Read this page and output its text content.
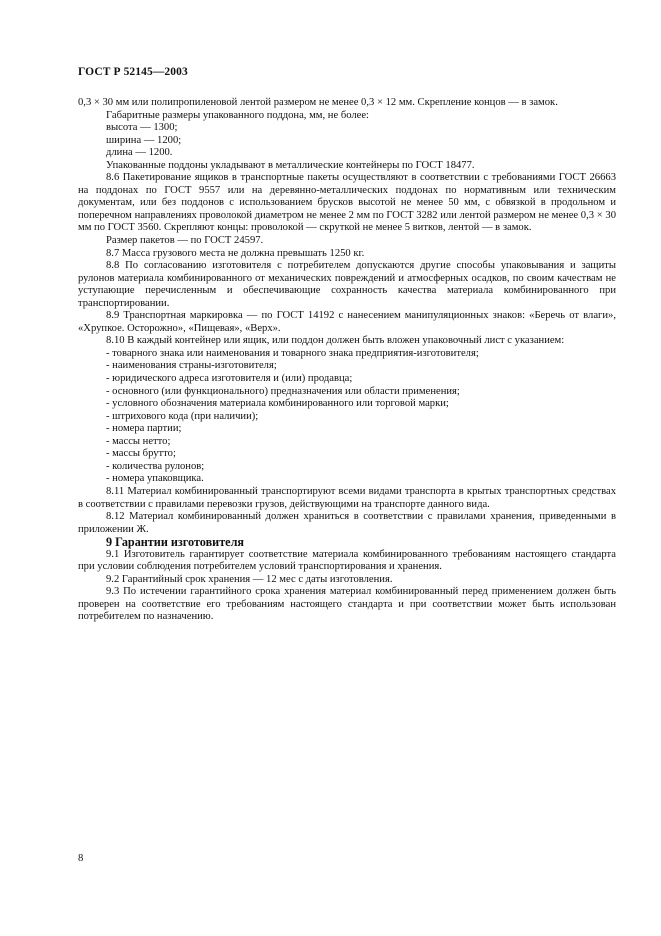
ГОСТ Р 52145—2003

0,3 × 30 мм или полипропиленовой лентой размером не менее 0,3 × 12 мм. Скрепление концов — в замок.

Габаритные размеры упакованного поддона, мм, не более:

высота — 1300;

ширина — 1200;

длина — 1200.

Упакованные поддоны укладывают в металлические контейнеры по ГОСТ 18477.

8.6 Пакетирование ящиков в транспортные пакеты осуществляют в соответствии с требованиями ГОСТ 26663 на поддонах по ГОСТ 9557 или на деревянно-металлических поддонах по нормативным или техническим документам, или без поддонов с использованием брусков высотой не менее 50 мм, с обвязкой в продольном и поперечном направлениях проволокой диаметром не менее 2 мм по ГОСТ 3282 или лентой размером не менее 0,3 × 30 мм по ГОСТ 3560. Скрепляют концы: проволокой — скруткой не менее 5 витков, лентой — в замок.

Размер пакетов — по ГОСТ 24597.

8.7 Масса грузового места не должна превышать 1250 кг.

8.8 По согласованию изготовителя с потребителем допускаются другие способы упаковывания и защиты рулонов материала комбинированного от механических повреждений и атмосферных осадков, по своим качествам не уступающие перечисленным и обеспечивающие сохранность качества материала комбинированного при транспортировании.

8.9 Транспортная маркировка — по ГОСТ 14192 с нанесением манипуляционных знаков: «Беречь от влаги», «Хрупкое. Осторожно», «Пищевая», «Верх».

8.10 В каждый контейнер или ящик, или поддон должен быть вложен упаковочный лист с указанием:

- товарного знака или наименования и товарного знака предприятия-изготовителя;

- наименования страны-изготовителя;

- юридического адреса изготовителя и (или) продавца;

- основного (или функционального) предназначения или области применения;

- условного обозначения материала комбинированного или торговой марки;

- штрихового кода (при наличии);

- номера партии;

- массы нетто;

- массы брутто;

- количества рулонов;

- номера упаковщика.

8.11 Материал комбинированный транспортируют всеми видами транспорта в крытых транспортных средствах в соответствии с правилами перевозки грузов, действующими на транспорте данного вида.

8.12 Материал комбинированный должен храниться в соответствии с правилами хранения, приведенными в приложении Ж.

9 Гарантии изготовителя

9.1 Изготовитель гарантирует соответствие материала комбинированного требованиям настоящего стандарта при условии соблюдения потребителем условий транспортирования и хранения.

9.2 Гарантийный срок хранения — 12 мес с даты изготовления.

9.3 По истечении гарантийного срока хранения материал комбинированный перед применением должен быть проверен на соответствие его требованиям настоящего стандарта и при соответствии может быть использован потребителем по назначению.

8
